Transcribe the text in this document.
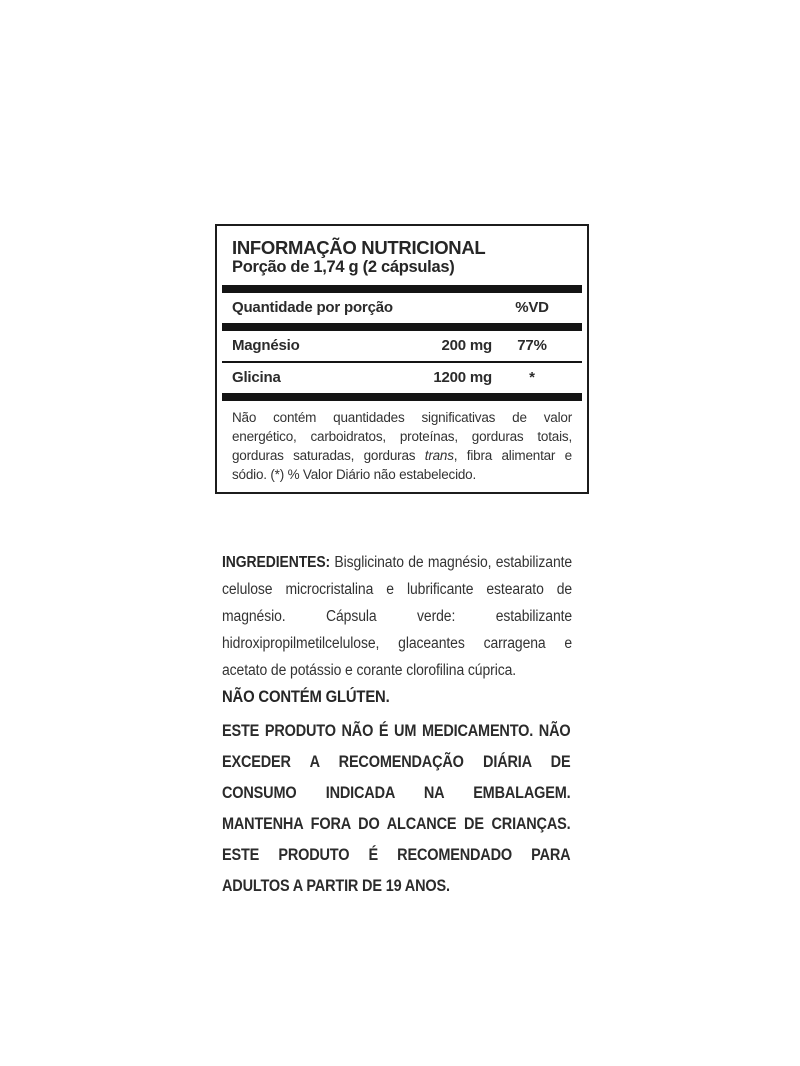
INFORMAÇÃO NUTRICIONAL
Porção de 1,74 g (2 cápsulas)
Quantidade por porção	%VD
Magnésio	200 mg	77%
Glicina	1200 mg	*

Não contém quantidades significativas de valor energético, carboidratos, proteínas, gorduras totais, gorduras saturadas, gorduras trans, fibra alimentar e sódio. (*) % Valor Diário não estabelecido.

INGREDIENTES: Bisglicinato de magnésio, estabilizante celulose microcristalina e lubrificante estearato de magnésio. Cápsula verde: estabilizante hidroxipropilmetilcelulose, glaceantes carragena e acetato de potássio e corante clorofilina cúprica.

NÃO CONTÉM GLÚTEN.

ESTE PRODUTO NÃO É UM MEDICAMENTO. NÃO EXCEDER A RECOMENDAÇÃO DIÁRIA DE CONSUMO INDICADA NA EMBALAGEM. MANTENHA FORA DO ALCANCE DE CRIANÇAS. ESTE PRODUTO É RECOMENDADO PARA ADULTOS A PARTIR DE 19 ANOS.
